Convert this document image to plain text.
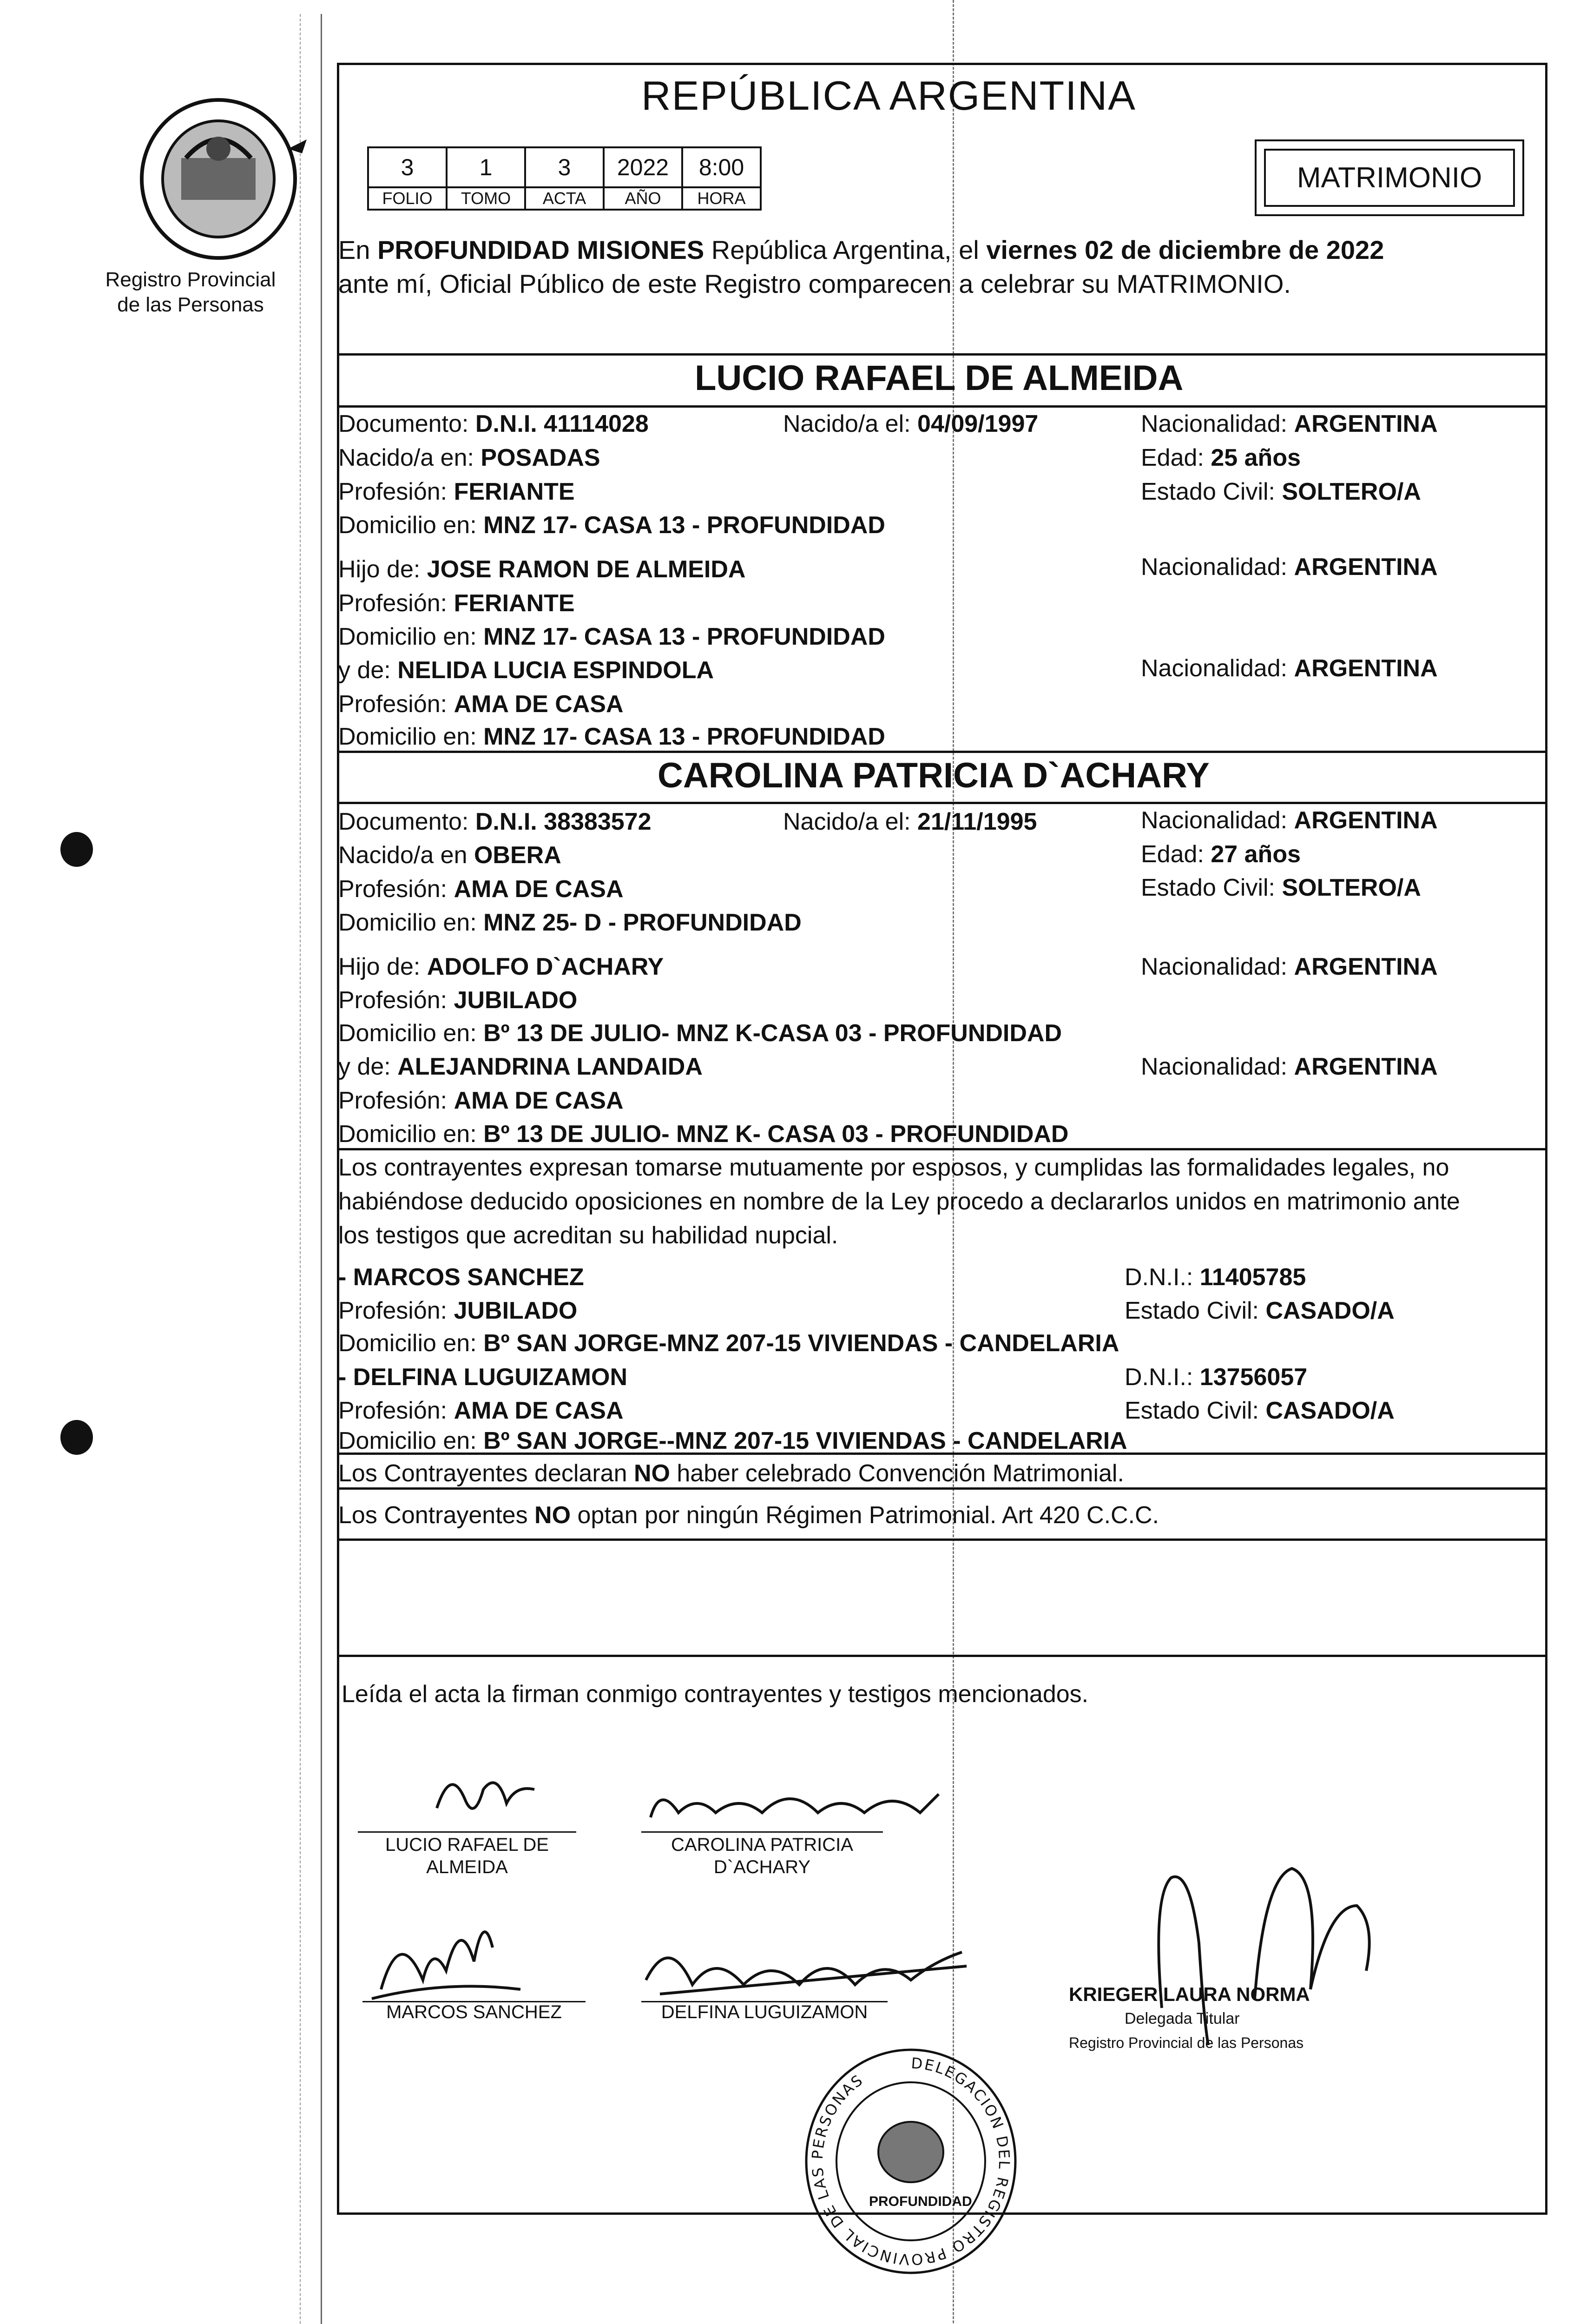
Registro Provincial
de las Personas
REPÚBLICA ARGENTINA
3	1	3	2022	8:00
FOLIO	TOMO	ACTA	AÑO	HORA
MATRIMONIO
En PROFUNDIDAD MISIONES República Argentina, el viernes 02 de diciembre de 2022
ante mí, Oficial Público de este Registro comparecen a celebrar su MATRIMONIO.
LUCIO RAFAEL DE ALMEIDA
Documento: D.N.I. 41114028	Nacido/a el: 04/09/1997	Nacionalidad: ARGENTINA
Nacido/a en: POSADAS	Edad: 25 años
Profesión: FERIANTE	Estado Civil: SOLTERO/A
Domicilio en: MNZ 17- CASA 13 - PROFUNDIDAD
Hijo de: JOSE RAMON DE ALMEIDA	Nacionalidad: ARGENTINA
Profesión: FERIANTE
Domicilio en: MNZ 17- CASA 13 - PROFUNDIDAD
y de: NELIDA LUCIA ESPINDOLA	Nacionalidad: ARGENTINA
Profesión: AMA DE CASA
Domicilio en: MNZ 17- CASA 13 - PROFUNDIDAD
CAROLINA PATRICIA D`ACHARY
Documento: D.N.I. 38383572	Nacido/a el: 21/11/1995	Nacionalidad: ARGENTINA
Nacido/a en OBERA	Edad: 27 años
Profesión: AMA DE CASA	Estado Civil: SOLTERO/A
Domicilio en: MNZ 25- D - PROFUNDIDAD
Hijo de: ADOLFO D`ACHARY	Nacionalidad: ARGENTINA
Profesión: JUBILADO
Domicilio en: Bº 13 DE JULIO- MNZ K-CASA 03 - PROFUNDIDAD
y de: ALEJANDRINA LANDAIDA	Nacionalidad: ARGENTINA
Profesión: AMA DE CASA
Domicilio en: Bº 13 DE JULIO- MNZ K- CASA 03 - PROFUNDIDAD
Los contrayentes expresan tomarse mutuamente por esposos, y cumplidas las formalidades legales, no
habiéndose deducido oposiciones en nombre de la Ley procedo a declararlos unidos en matrimonio ante
los testigos que acreditan su habilidad nupcial.
- MARCOS SANCHEZ	D.N.I.: 11405785
Profesión: JUBILADO	Estado Civil: CASADO/A
Domicilio en: Bº SAN JORGE-MNZ 207-15 VIVIENDAS - CANDELARIA
- DELFINA LUGUIZAMON	D.N.I.: 13756057
Profesión: AMA DE CASA	Estado Civil: CASADO/A
Domicilio en: Bº SAN JORGE--MNZ 207-15 VIVIENDAS - CANDELARIA
Los Contrayentes declaran NO haber celebrado Convención Matrimonial.
Los Contrayentes NO optan por ningún Régimen Patrimonial. Art 420 C.C.C.
Leída el acta la firman conmigo contrayentes y testigos mencionados.
LUCIO RAFAEL DE
ALMEIDA
CAROLINA PATRICIA
D`ACHARY
MARCOS SANCHEZ	DELFINA LUGUIZAMON
KRIEGER LAURA NORMA
Delegada Titular
Registro Provincial de las Personas
DELEGACION DEL REGISTRO PROVINCIAL DE LAS PERSONAS
PROFUNDIDAD
